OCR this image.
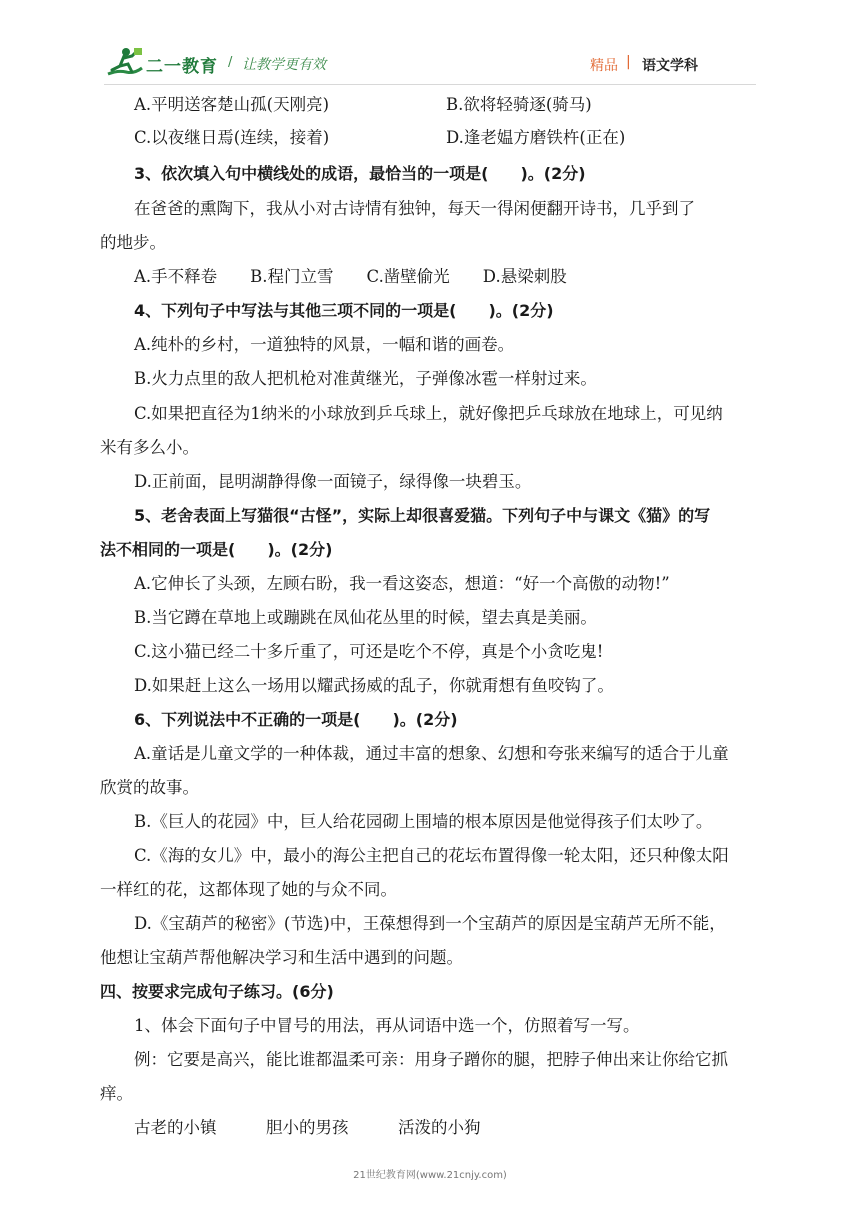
二一教育 / 让教学更有效	精品 | 语文学科
A.平明送客楚山孤(天刚亮)	B.欲将轻骑逐(骑马)
C.以夜继日焉(连续，接着)	D.逢老媪方磨铁杵(正在)
3、依次填入句中横线处的成语，最恰当的一项是(　　)。(2分)
在爸爸的熏陶下，我从小对古诗情有独钟，每天一得闲便翻开诗书，几乎到了
的地步。
A.手不释卷　　B.程门立雪　　C.凿壁偷光　　D.悬梁刺股
4、下列句子中写法与其他三项不同的一项是(　　)。(2分)
A.纯朴的乡村，一道独特的风景，一幅和谐的画卷。
B.火力点里的敌人把机枪对准黄继光，子弹像冰雹一样射过来。
C.如果把直径为1纳米的小球放到乒乓球上，就好像把乒乓球放在地球上，可见纳
米有多么小。
D.正前面，昆明湖静得像一面镜子，绿得像一块碧玉。
5、老舍表面上写猫很“古怪”，实际上却很喜爱猫。下列句子中与课文《猫》的写
法不相同的一项是(　　)。(2分)
A.它伸长了头颈，左顾右盼，我一看这姿态，想道：“好一个高傲的动物!”
B.当它蹲在草地上或蹦跳在凤仙花丛里的时候，望去真是美丽。
C.这小猫已经二十多斤重了，可还是吃个不停，真是个小贪吃鬼!
D.如果赶上这么一场用以耀武扬威的乱子，你就甭想有鱼咬钩了。
6、下列说法中不正确的一项是(　　)。(2分)
A.童话是儿童文学的一种体裁，通过丰富的想象、幻想和夸张来编写的适合于儿童
欣赏的故事。
B.《巨人的花园》中，巨人给花园砌上围墙的根本原因是他觉得孩子们太吵了。
C.《海的女儿》中，最小的海公主把自己的花坛布置得像一轮太阳，还只种像太阳
一样红的花，这都体现了她的与众不同。
D.《宝葫芦的秘密》(节选)中，王葆想得到一个宝葫芦的原因是宝葫芦无所不能，
他想让宝葫芦帮他解决学习和生活中遇到的问题。
四、按要求完成句子练习。(6分)
1、体会下面句子中冒号的用法，再从词语中选一个，仿照着写一写。
例：它要是高兴，能比谁都温柔可亲：用身子蹭你的腿，把脖子伸出来让你给它抓
痒。
古老的小镇　　　胆小的男孩　　　活泼的小狗
21世纪教育网(www.21cnjy.com)
